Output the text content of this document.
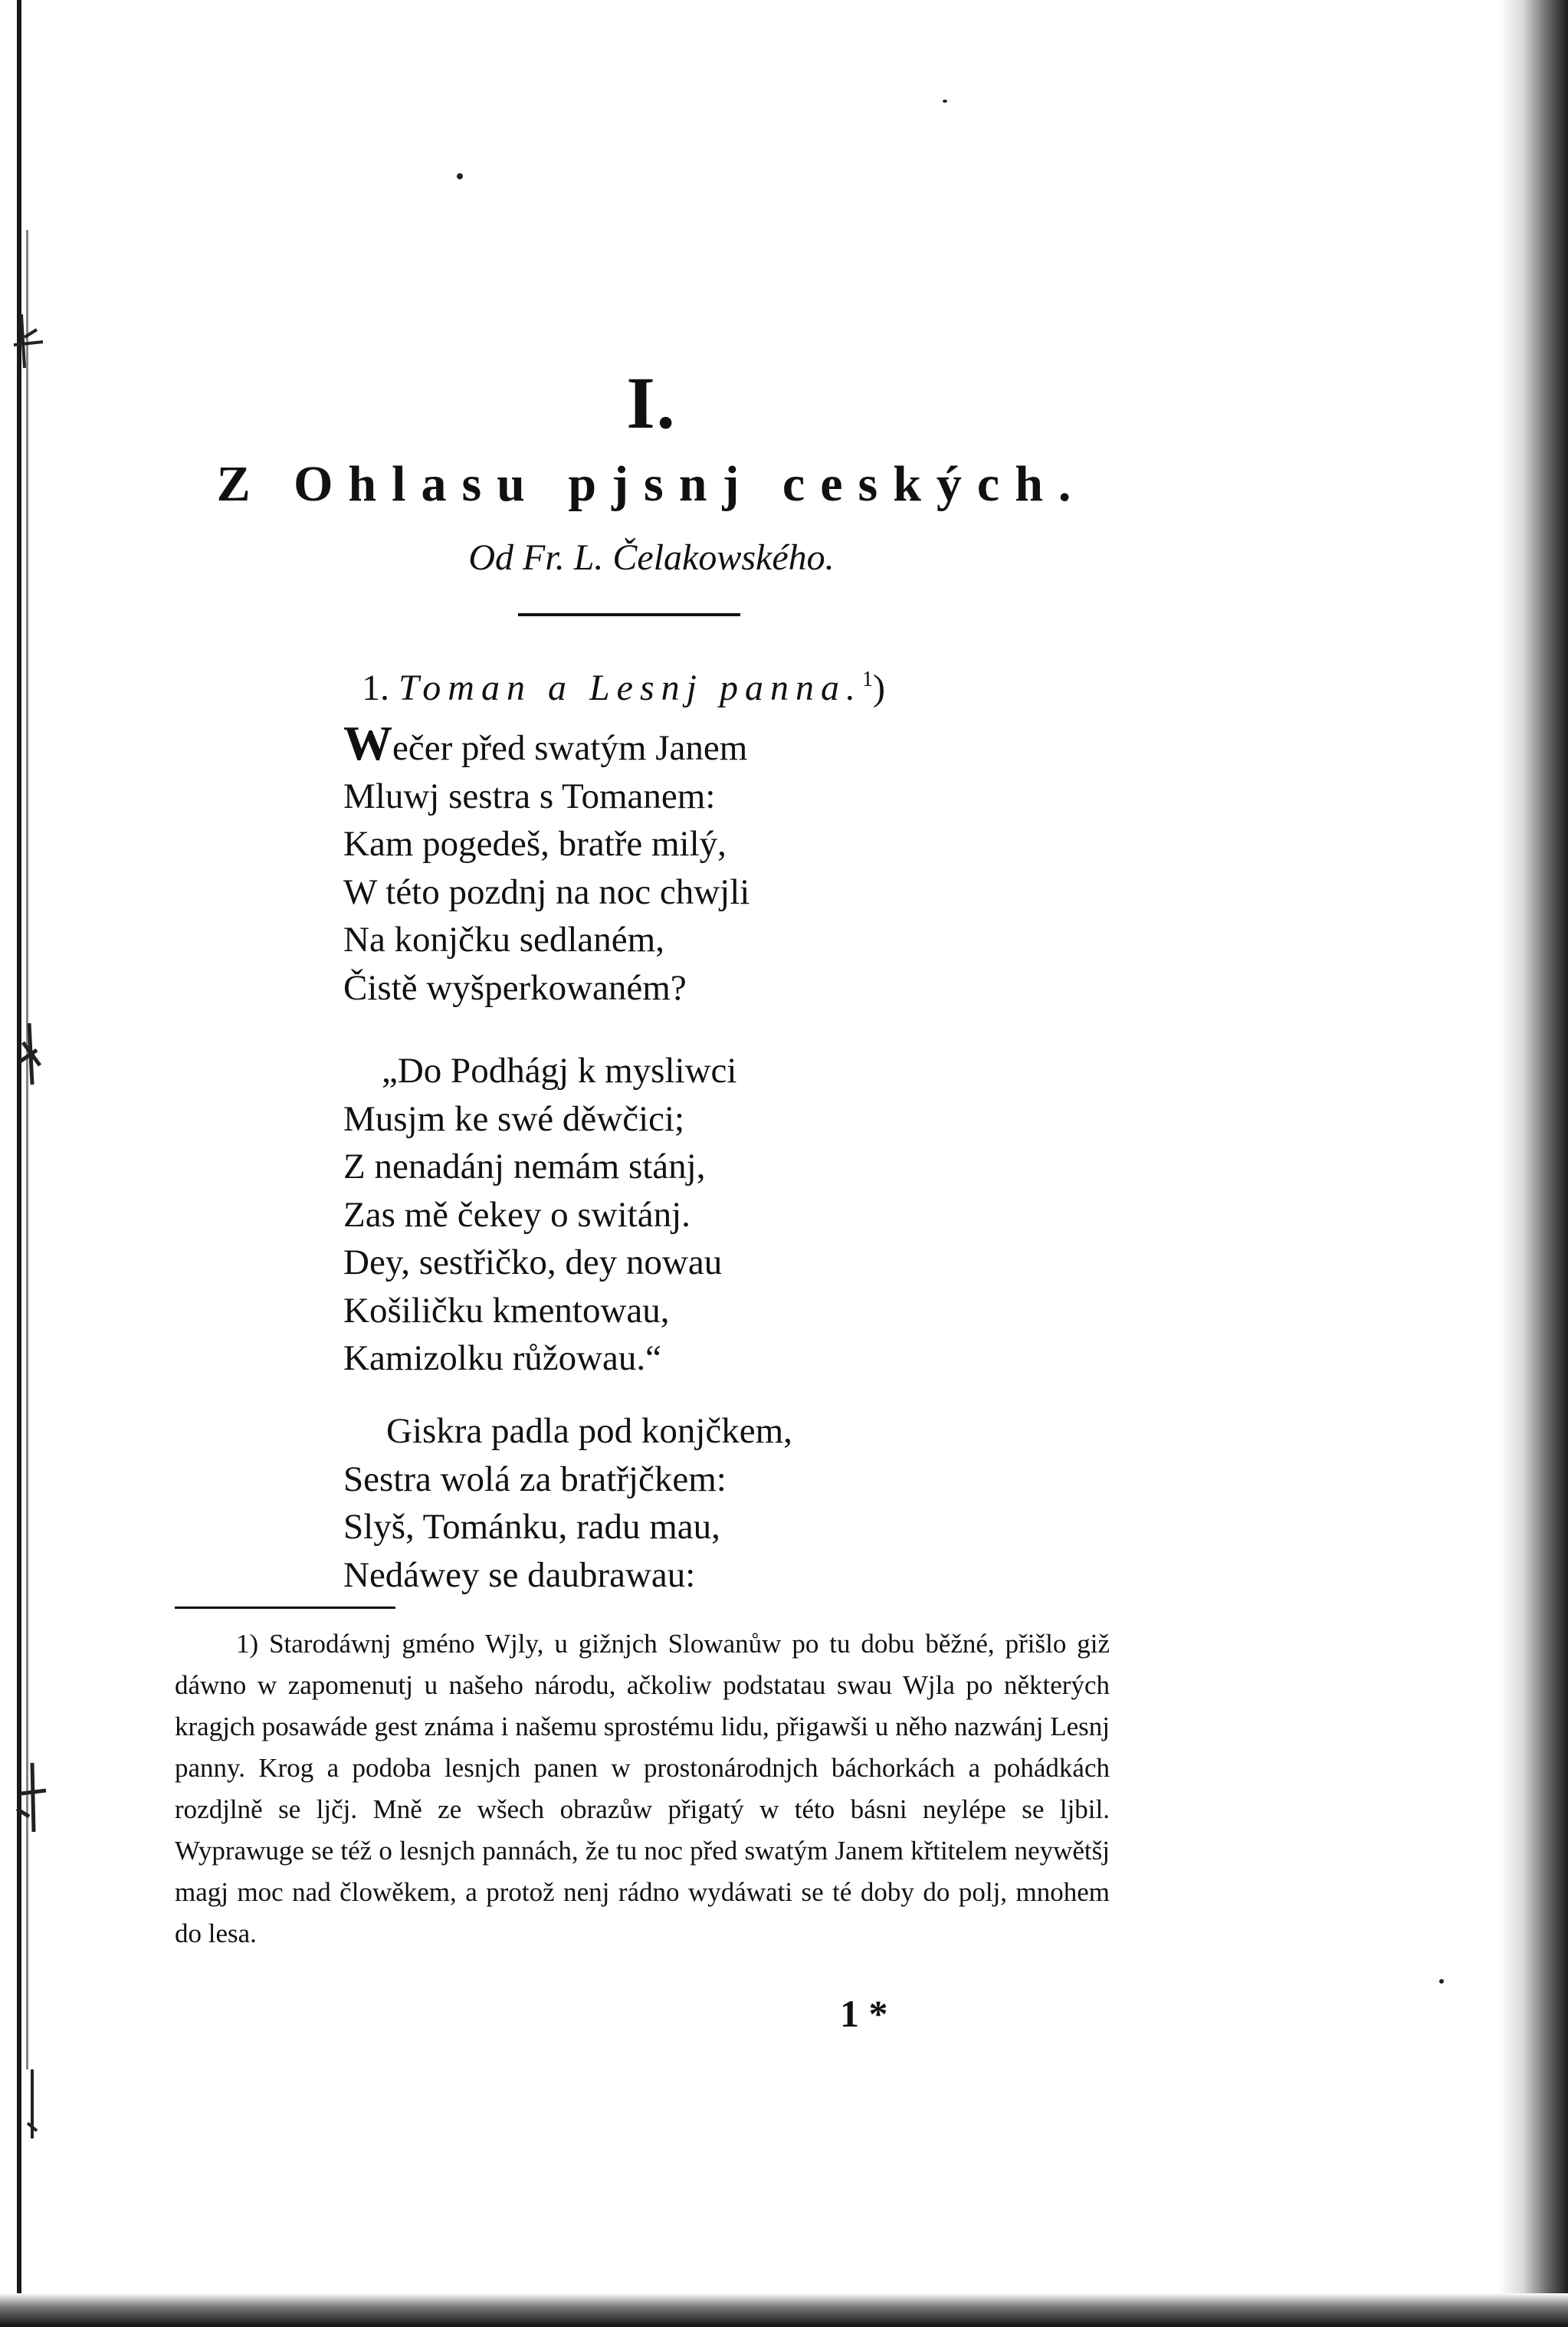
I.
Z Ohlasu pjsnj ceských.
Od Fr. L. Čelakowského.
1. Toman a Lesnj panna.$^1$)
Wečer před swatým Janem
Mluwj sestra s Tomanem:
Kam pogedeš, bratře milý,
W této pozdnj na noc chwjli
Na konjčku sedlaném,
Čistě wyšperkowaném?
„Do Podhágj k mysliwci
Musjm ke swé děwčici;
Z nenadánj nemám stánj,
Zas mě čekey o switánj.
Dey, sestřičko, dey nowau
Košiličku kmentowau,
Kamizolku růžowau.“
Giskra padla pod konjčkem,
Sestra wolá za bratřjčkem:
Slyš, Tománku, radu mau,
Nedáwey se daubrawau:

1) Starodáwnj gméno Wjly, u gižnjch Slowanůw po tu dobu běžné, přišlo giž dáwno w zapomenutj u našeho národu, ačkoliw podstatau swau Wjla po některých kragjch posawáde gest známa i našemu sprostému lidu, přigawši u něho nazwánj Lesnj panny. Krog a podoba lesnjch panen w prostonárodnjch báchorkách a pohádkách rozdjlně se ljčj. Mně ze wšech obrazůw přigatý w této básni neylépe se ljbil. Wyprawuge se též o lesnjch pannách, že tu noc před swatým Janem křtitelem neywětšj magj moc nad člowěkem, a protož nenj rádno wydáwati se té doby do polj, mnohem do lesa.

1 *
